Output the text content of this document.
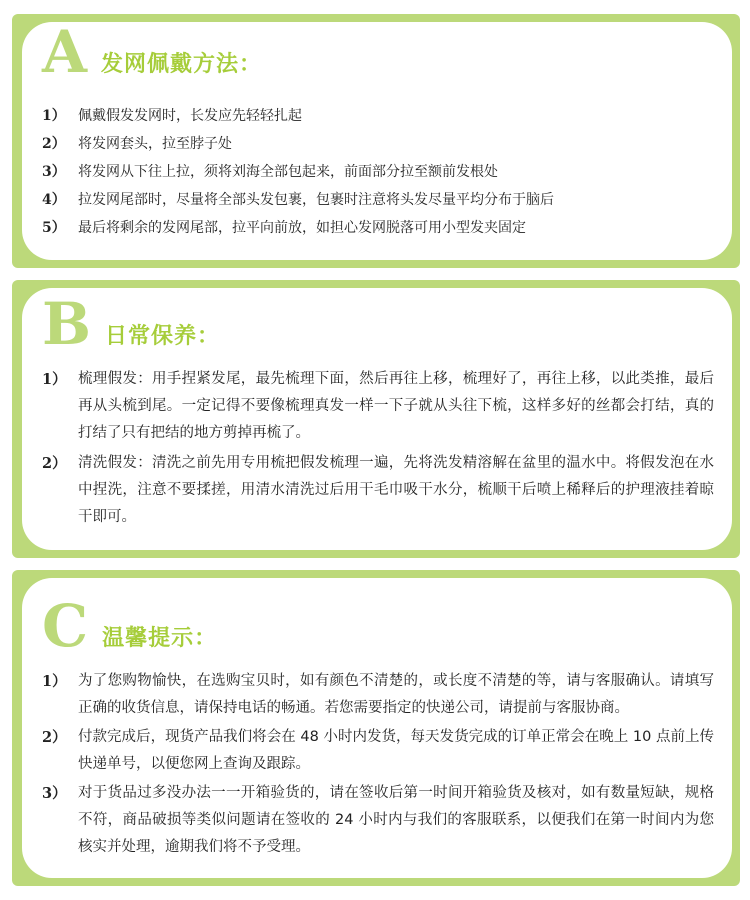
A 发网佩戴方法：
1） 佩戴假发发网时，长发应先轻轻扎起
2） 将发网套头，拉至脖子处
3） 将发网从下往上拉，须将刘海全部包起来，前面部分拉至额前发根处
4） 拉发网尾部时，尽量将全部头发包裹，包裹时注意将头发尽量平均分布于脑后
5） 最后将剩余的发网尾部，拉平向前放，如担心发网脱落可用小型发夹固定
B 日常保养：
1） 梳理假发：用手捏紧发尾，最先梳理下面，然后再往上移，梳理好了，再往上移，以此类推，最后再从头梳到尾。一定记得不要像梳理真发一样一下子就从头往下梳，这样多好的丝都会打结，真的打结了只有把结的地方剪掉再梳了。
2） 清洗假发：清洗之前先用专用梳把假发梳理一遍，先将洗发精溶解在盆里的温水中。将假发泡在水中捏洗，注意不要揉搓，用清水清洗过后用干毛巾吸干水分，梳顺干后喷上稀释后的护理液挂着晾干即可。
C 温馨提示：
1） 为了您购物愉快，在选购宝贝时，如有颜色不清楚的，或长度不清楚的等，请与客服确认。请填写正确的收货信息，请保持电话的畅通。若您需要指定的快递公司，请提前与客服协商。
2） 付款完成后，现货产品我们将会在 48 小时内发货，每天发货完成的订单正常会在晚上 10 点前上传快递单号，以便您网上查询及跟踪。
3） 对于货品过多没办法一一开箱验货的，请在签收后第一时间开箱验货及核对，如有数量短缺，规格不符，商品破损等类似问题请在签收的 24 小时内与我们的客服联系，以便我们在第一时间内为您核实并处理，逾期我们将不予受理。
